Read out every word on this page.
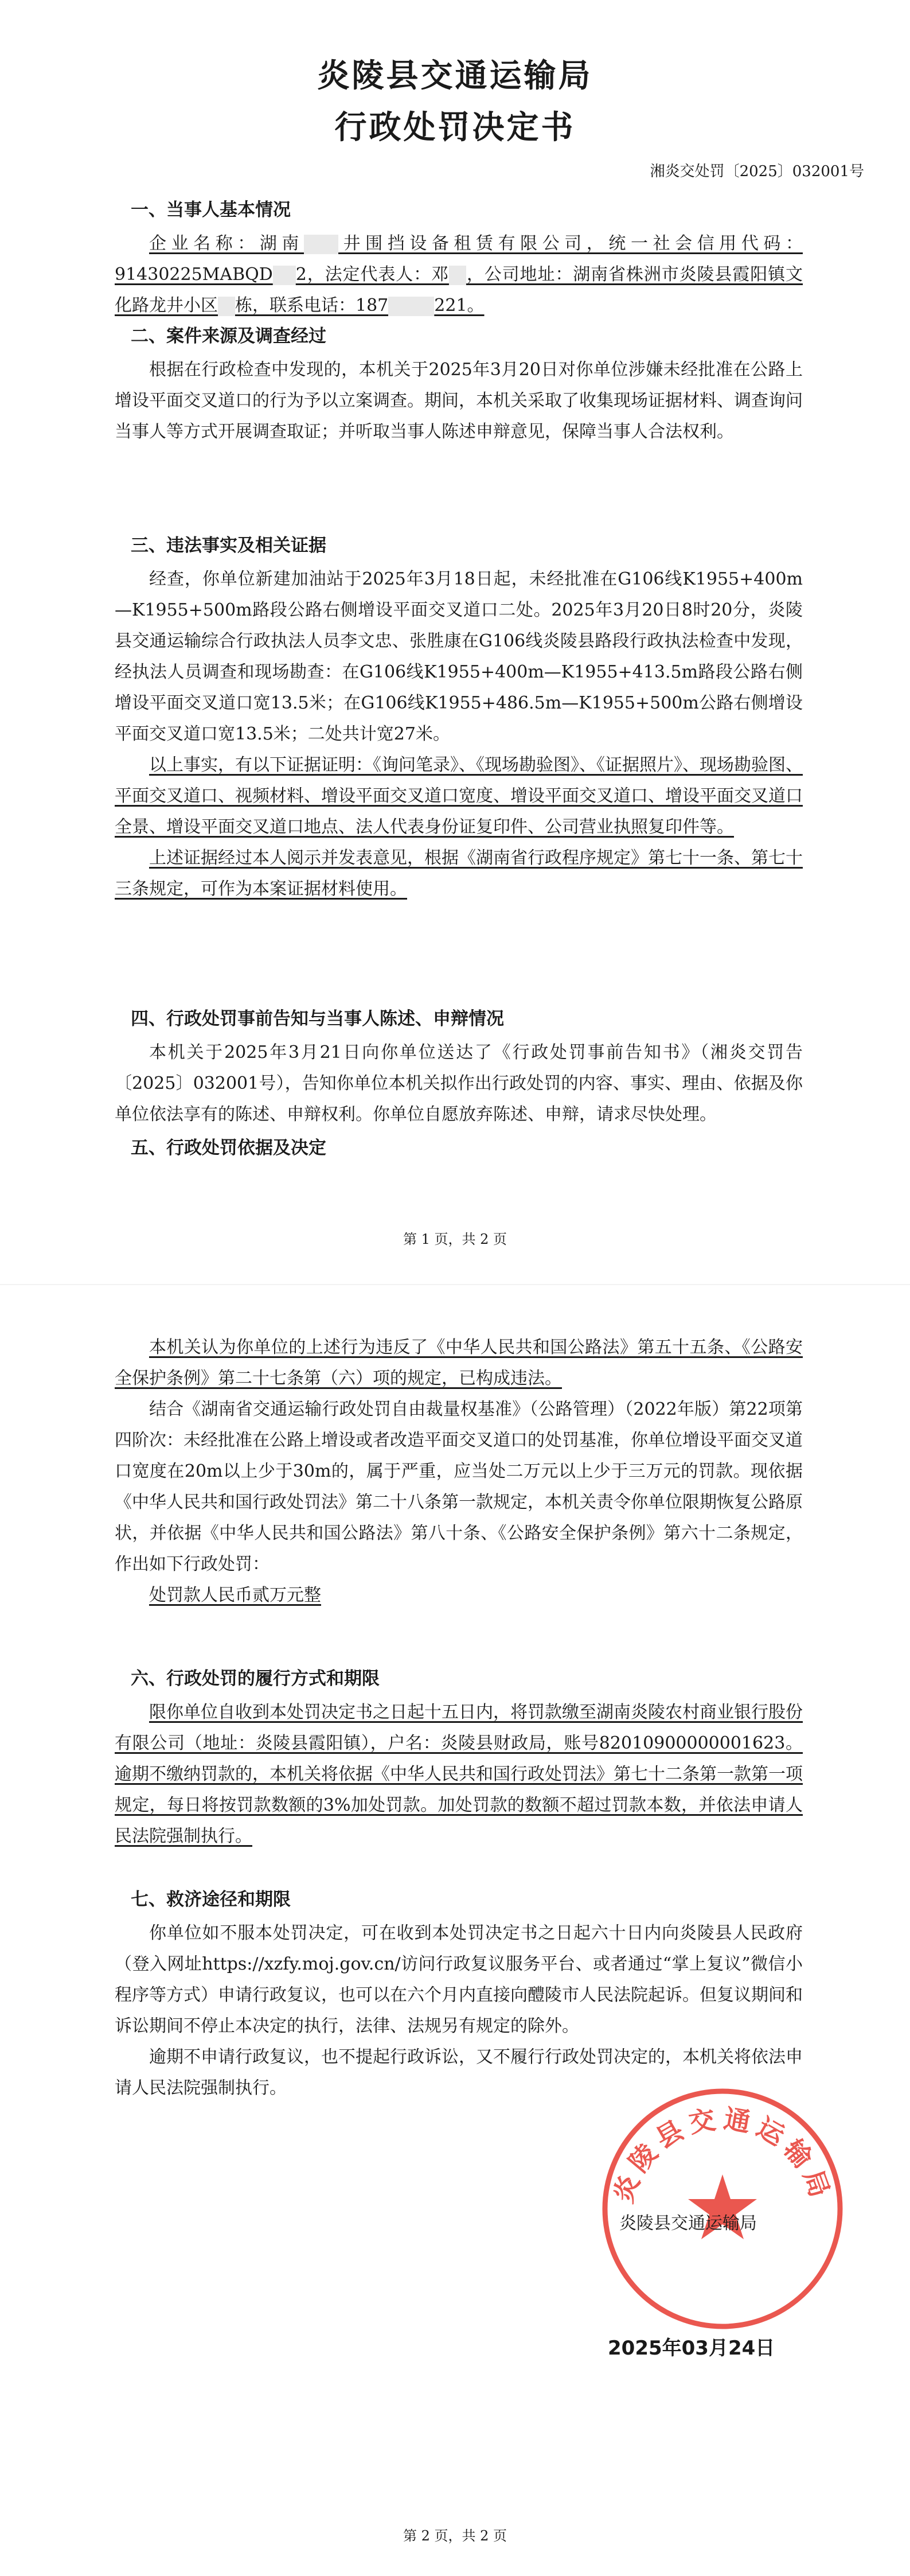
炎陵县交通运输局
行政处罚决定书
湘炎交处罚〔2025〕032001号
一、当事人基本情况

企业名称：湖南 井围挡设备租赁有限公司，统一社会信用代码：91430225MABQD 2，法定代表人：邓 ，公司地址：湖南省株洲市炎陵县霞阳镇文化路龙井小区 栋，联系电话：187	221。

二、案件来源及调查经过

根据在行政检查中发现的，本机关于2025年3月20日对你单位涉嫌未经批准在公路上增设平面交叉道口的行为予以立案调查。期间，本机关采取了收集现场证据材料、调查询问当事人等方式开展调查取证；并听取当事人陈述申辩意见，保障当事人合法权利。

三、违法事实及相关证据

经查，你单位新建加油站于2025年3月18日起，未经批准在G106线K1955+400m—K1955+500m路段公路右侧增设平面交叉道口二处。2025年3月20日8时20分，炎陵县交通运输综合行政执法人员李文忠、张胜康在G106线炎陵县路段行政执法检查中发现，经执法人员调查和现场勘查：在G106线K1955+400m—K1955+413.5m路段公路右侧增设平面交叉道口宽13.5米；在G106线K1955+486.5m—K1955+500m公路右侧增设平面交叉道口宽13.5米；二处共计宽27米。

以上事实，有以下证据证明：《询问笔录》、《现场勘验图》、《证据照片》、现场勘验图、平面交叉道口、视频材料、增设平面交叉道口宽度、增设平面交叉道口、增设平面交叉道口全景、增设平面交叉道口地点、法人代表身份证复印件、公司营业执照复印件等。

上述证据经过本人阅示并发表意见，根据《湖南省行政程序规定》第七十一条、第七十三条规定，可作为本案证据材料使用。

四、行政处罚事前告知与当事人陈述、申辩情况

本机关于2025年3月21日向你单位送达了《行政处罚事前告知书》（湘炎交罚告〔2025〕032001号），告知你单位本机关拟作出行政处罚的内容、事实、理由、依据及你单位依法享有的陈述、申辩权利。你单位自愿放弃陈述、申辩，请求尽快处理。

五、行政处罚依据及决定
第 1 页，共 2 页

本机关认为你单位的上述行为违反了《中华人民共和国公路法》第五十五条、《公路安全保护条例》第二十七条第（六）项的规定，已构成违法。

结合《湖南省交通运输行政处罚自由裁量权基准》（公路管理）（2022年版）第22项第四阶次：未经批准在公路上增设或者改造平面交叉道口的处罚基准，你单位增设平面交叉道口宽度在20m以上少于30m的，属于严重，应当处二万元以上少于三万元的罚款。现依据《中华人民共和国行政处罚法》第二十八条第一款规定，本机关责令你单位限期恢复公路原状，并依据《中华人民共和国公路法》第八十条、《公路安全保护条例》第六十二条规定，作出如下行政处罚：

处罚款人民币贰万元整

六、行政处罚的履行方式和期限

限你单位自收到本处罚决定书之日起十五日内，将罚款缴至湖南炎陵农村商业银行股份有限公司（地址：炎陵县霞阳镇），户名：炎陵县财政局，账号82010900000001623。逾期不缴纳罚款的，本机关将依据《中华人民共和国行政处罚法》第七十二条第一款第一项规定，每日将按罚款数额的3%加处罚款。加处罚款的数额不超过罚款本数，并依法申请人民法院强制执行。

七、救济途径和期限

你单位如不服本处罚决定，可在收到本处罚决定书之日起六十日内向炎陵县人民政府（登入网址https://xzfy.moj.gov.cn/访问行政复议服务平台、或者通过“掌上复议”微信小程序等方式）申请行政复议，也可以在六个月内直接向醴陵市人民法院起诉。但复议期间和诉讼期间不停止本决定的执行，法律、法规另有规定的除外。

逾期不申请行政复议，也不提起行政诉讼，又不履行行政处罚决定的，本机关将依法申请人民法院强制执行。

第 2 页，共 2 页
炎陵县交通运输局
炎陵县交通运输局
2025年03月24日
